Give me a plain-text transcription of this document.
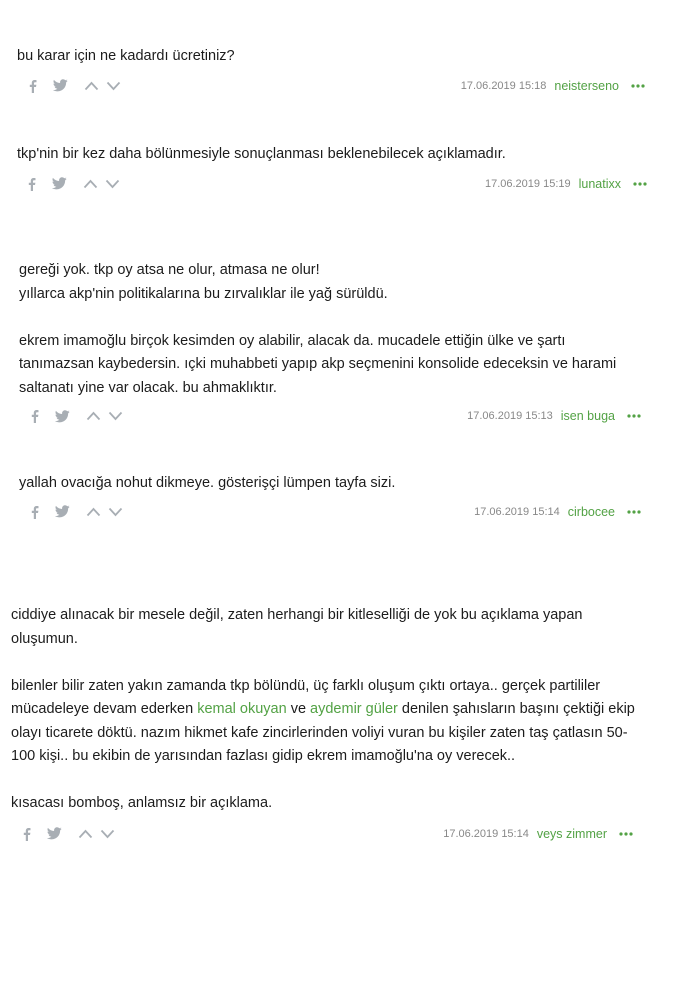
bu karar için ne kadardı ücretiniz?

17.06.2019 15:18 neisterseno

tkp'nin bir kez daha bölünmesiyle sonuçlanması beklenebilecek açıklamadır.

17.06.2019 15:19 lunatixx

gereği yok. tkp oy atsa ne olur, atmasa ne olur!
yıllarca akp'nin politikalarına bu zırvalıklar ile yağ sürüldü.

ekrem imamoğlu birçok kesimden oy alabilir, alacak da. mucadele ettiğin ülke ve şartı
tanımazsan kaybedersin. ıçki muhabbeti yapıp akp seçmenini konsolide edeceksin ve harami
saltanatı yine var olacak. bu ahmaklıktır.

17.06.2019 15:13 isen buga

yallah ovacığa nohut dikmeye. gösterişçi lümpen tayfa sizi.

17.06.2019 15:14 cirbocee

ciddiye alınacak bir mesele değil, zaten herhangi bir kitleselliği de yok bu açıklama yapan
oluşumun.

bilenler bilir zaten yakın zamanda tkp bölündü, üç farklı oluşum çıktı ortaya.. gerçek partililer
mücadeleye devam ederken kemal okuyan ve aydemir güler denilen şahısların başını çektiği ekip
olayı ticarete döktü. nazım hikmet kafe zincirlerinden voliyi vuran bu kişiler zaten taş çatlasın 50-
100 kişi.. bu ekibin de yarısından fazlası gidip ekrem imamoğlu'na oy verecek..

kısacası bomboş, anlamsız bir açıklama.

17.06.2019 15:14 veys zimmer
